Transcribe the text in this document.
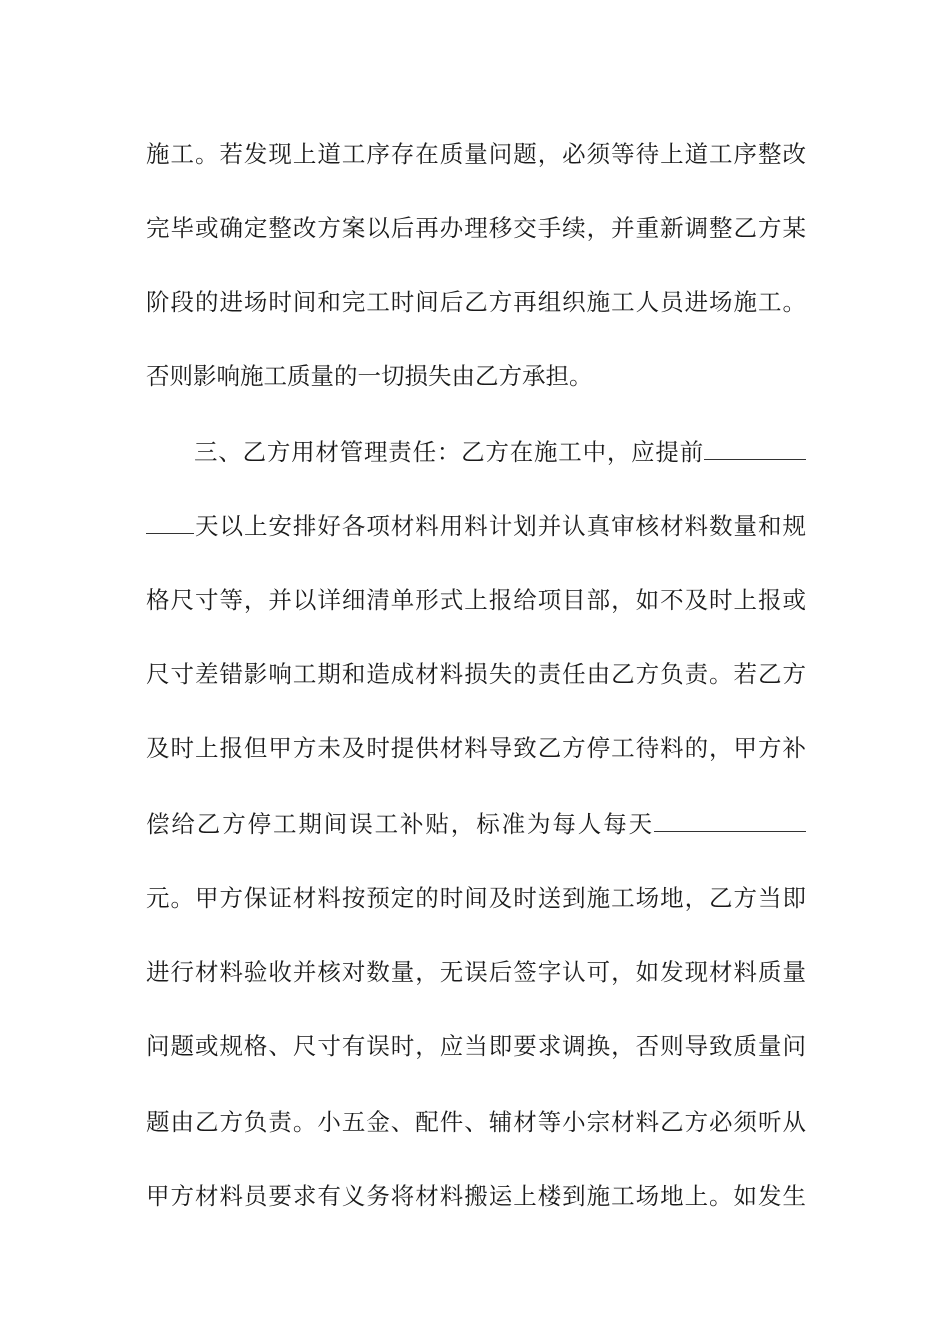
施工。若发现上道工序存在质量问题，必须等待上道工序整改
完毕或确定整改方案以后再办理移交手续，并重新调整乙方某
阶段的进场时间和完工时间后乙方再组织施工人员进场施工。
否则影响施工质量的一切损失由乙方承担。
三、乙方用材管理责任：乙方在施工中，应提前
天以上安排好各项材料用料计划并认真审核材料数量和规
格尺寸等，并以详细清单形式上报给项目部，如不及时上报或
尺寸差错影响工期和造成材料损失的责任由乙方负责。若乙方
及时上报但甲方未及时提供材料导致乙方停工待料的，甲方补
偿给乙方停工期间误工补贴，标准为每人每天
元。甲方保证材料按预定的时间及时送到施工场地，乙方当即
进行材料验收并核对数量，无误后签字认可，如发现材料质量
问题或规格、尺寸有误时，应当即要求调换，否则导致质量问
题由乙方负责。小五金、配件、辅材等小宗材料乙方必须听从
甲方材料员要求有义务将材料搬运上楼到施工场地上。如发生
